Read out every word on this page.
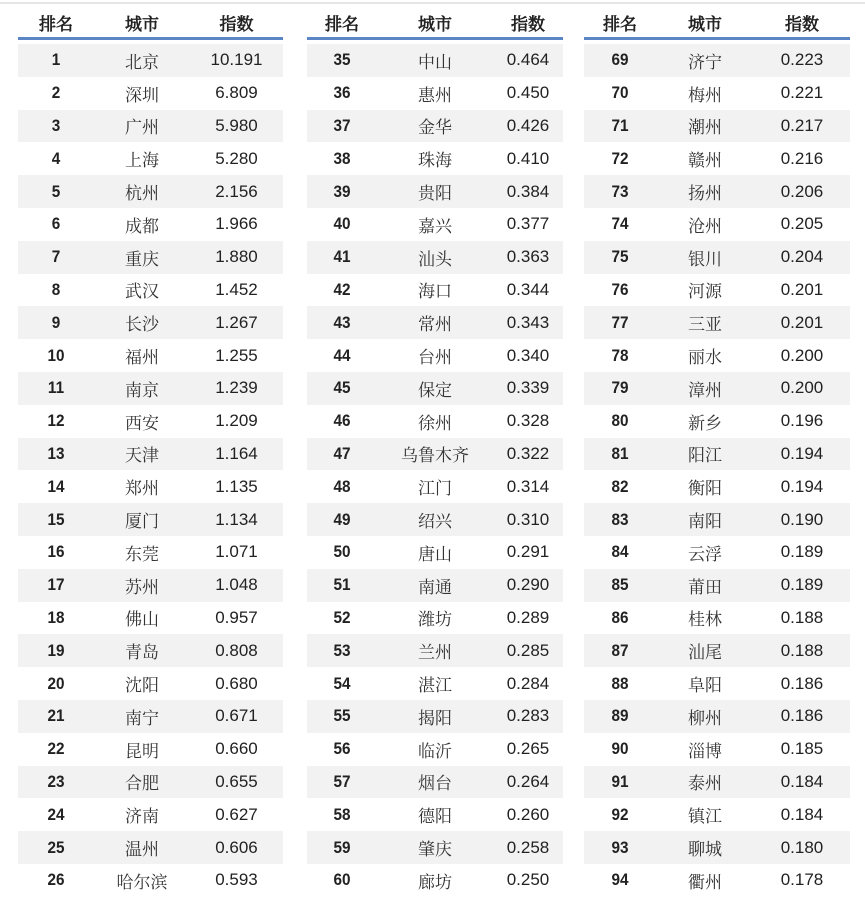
排名	城市	指数
1	北京	10.191
2	深圳	6.809
3	广州	5.980
4	上海	5.280
5	杭州	2.156
6	成都	1.966
7	重庆	1.880
8	武汉	1.452
9	长沙	1.267
10	福州	1.255
11	南京	1.239
12	西安	1.209
13	天津	1.164
14	郑州	1.135
15	厦门	1.134
16	东莞	1.071
17	苏州	1.048
18	佛山	0.957
19	青岛	0.808
20	沈阳	0.680
21	南宁	0.671
22	昆明	0.660
23	合肥	0.655
24	济南	0.627
25	温州	0.606
26	哈尔滨	0.593
排名	城市	指数
35	中山	0.464
36	惠州	0.450
37	金华	0.426
38	珠海	0.410
39	贵阳	0.384
40	嘉兴	0.377
41	汕头	0.363
42	海口	0.344
43	常州	0.343
44	台州	0.340
45	保定	0.339
46	徐州	0.328
47	乌鲁木齐	0.322
48	江门	0.314
49	绍兴	0.310
50	唐山	0.291
51	南通	0.290
52	潍坊	0.289
53	兰州	0.285
54	湛江	0.284
55	揭阳	0.283
56	临沂	0.265
57	烟台	0.264
58	德阳	0.260
59	肇庆	0.258
60	廊坊	0.250
排名	城市	指数
69	济宁	0.223
70	梅州	0.221
71	潮州	0.217
72	赣州	0.216
73	扬州	0.206
74	沧州	0.205
75	银川	0.204
76	河源	0.201
77	三亚	0.201
78	丽水	0.200
79	漳州	0.200
80	新乡	0.196
81	阳江	0.194
82	衡阳	0.194
83	南阳	0.190
84	云浮	0.189
85	莆田	0.189
86	桂林	0.188
87	汕尾	0.188
88	阜阳	0.186
89	柳州	0.186
90	淄博	0.185
91	泰州	0.184
92	镇江	0.184
93	聊城	0.180
94	衢州	0.178
